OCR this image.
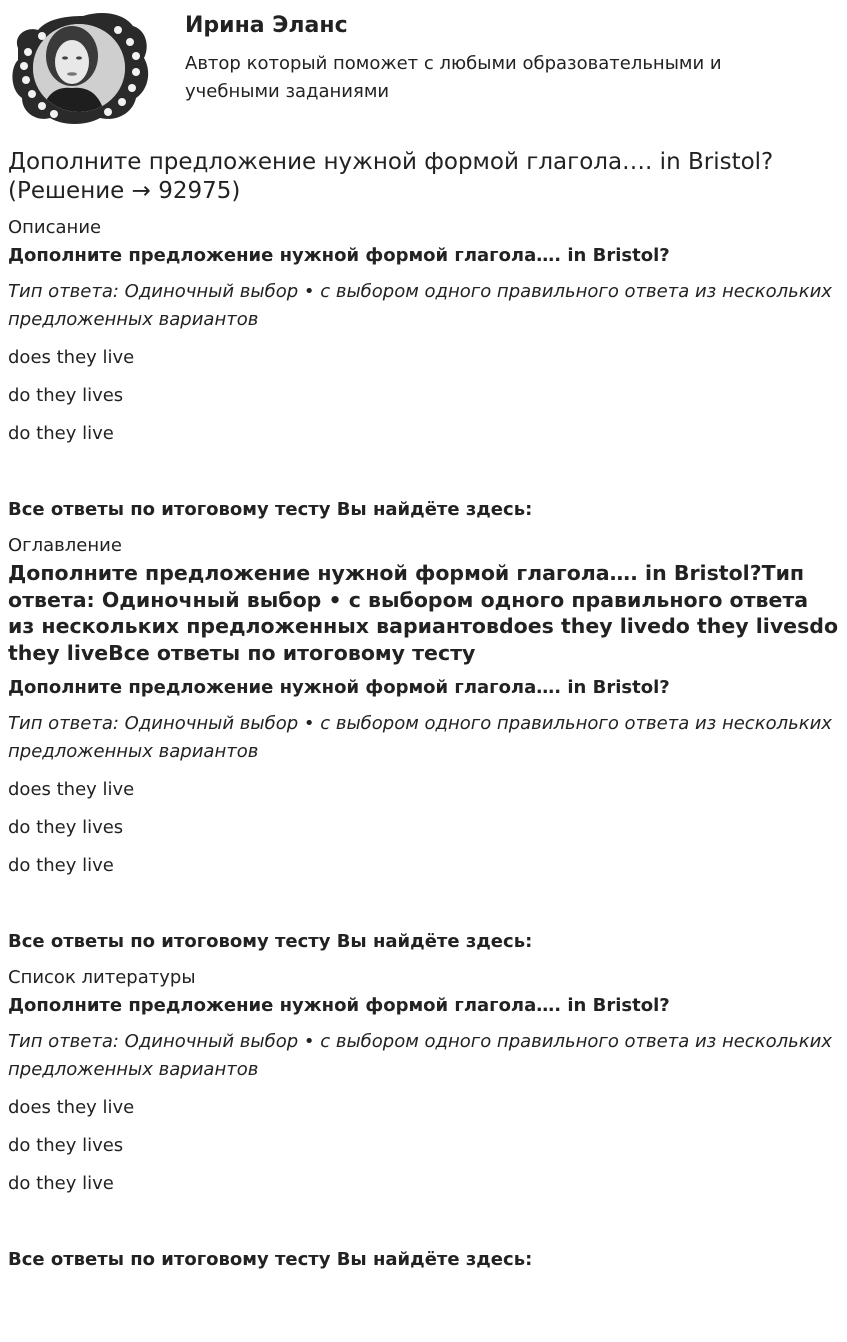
Ирина Эланс
Автор который поможет с любыми образовательными и учебными заданиями
Дополните предложение нужной формой глагола…. in Bristol? (Решение → 92975)
Описание
Дополните предложение нужной формой глагола…. in Bristol?
Тип ответа: Одиночный выбор • с выбором одного правильного ответа из нескольких предложенных вариантов
does they live
do they lives
do they live
Все ответы по итоговому тесту Вы найдёте здесь:
Оглавление
Дополните предложение нужной формой глагола…. in Bristol?Тип ответа: Одиночный выбор • с выбором одного правильного ответа из нескольких предложенных вариантовdoes they livedo they livesdo they liveВсе ответы по итоговому тесту
Дополните предложение нужной формой глагола…. in Bristol?
Тип ответа: Одиночный выбор • с выбором одного правильного ответа из нескольких предложенных вариантов
does they live
do they lives
do they live
Все ответы по итоговому тесту Вы найдёте здесь:
Список литературы
Дополните предложение нужной формой глагола…. in Bristol?
Тип ответа: Одиночный выбор • с выбором одного правильного ответа из нескольких предложенных вариантов
does they live
do they lives
do they live
Все ответы по итоговому тесту Вы найдёте здесь:
